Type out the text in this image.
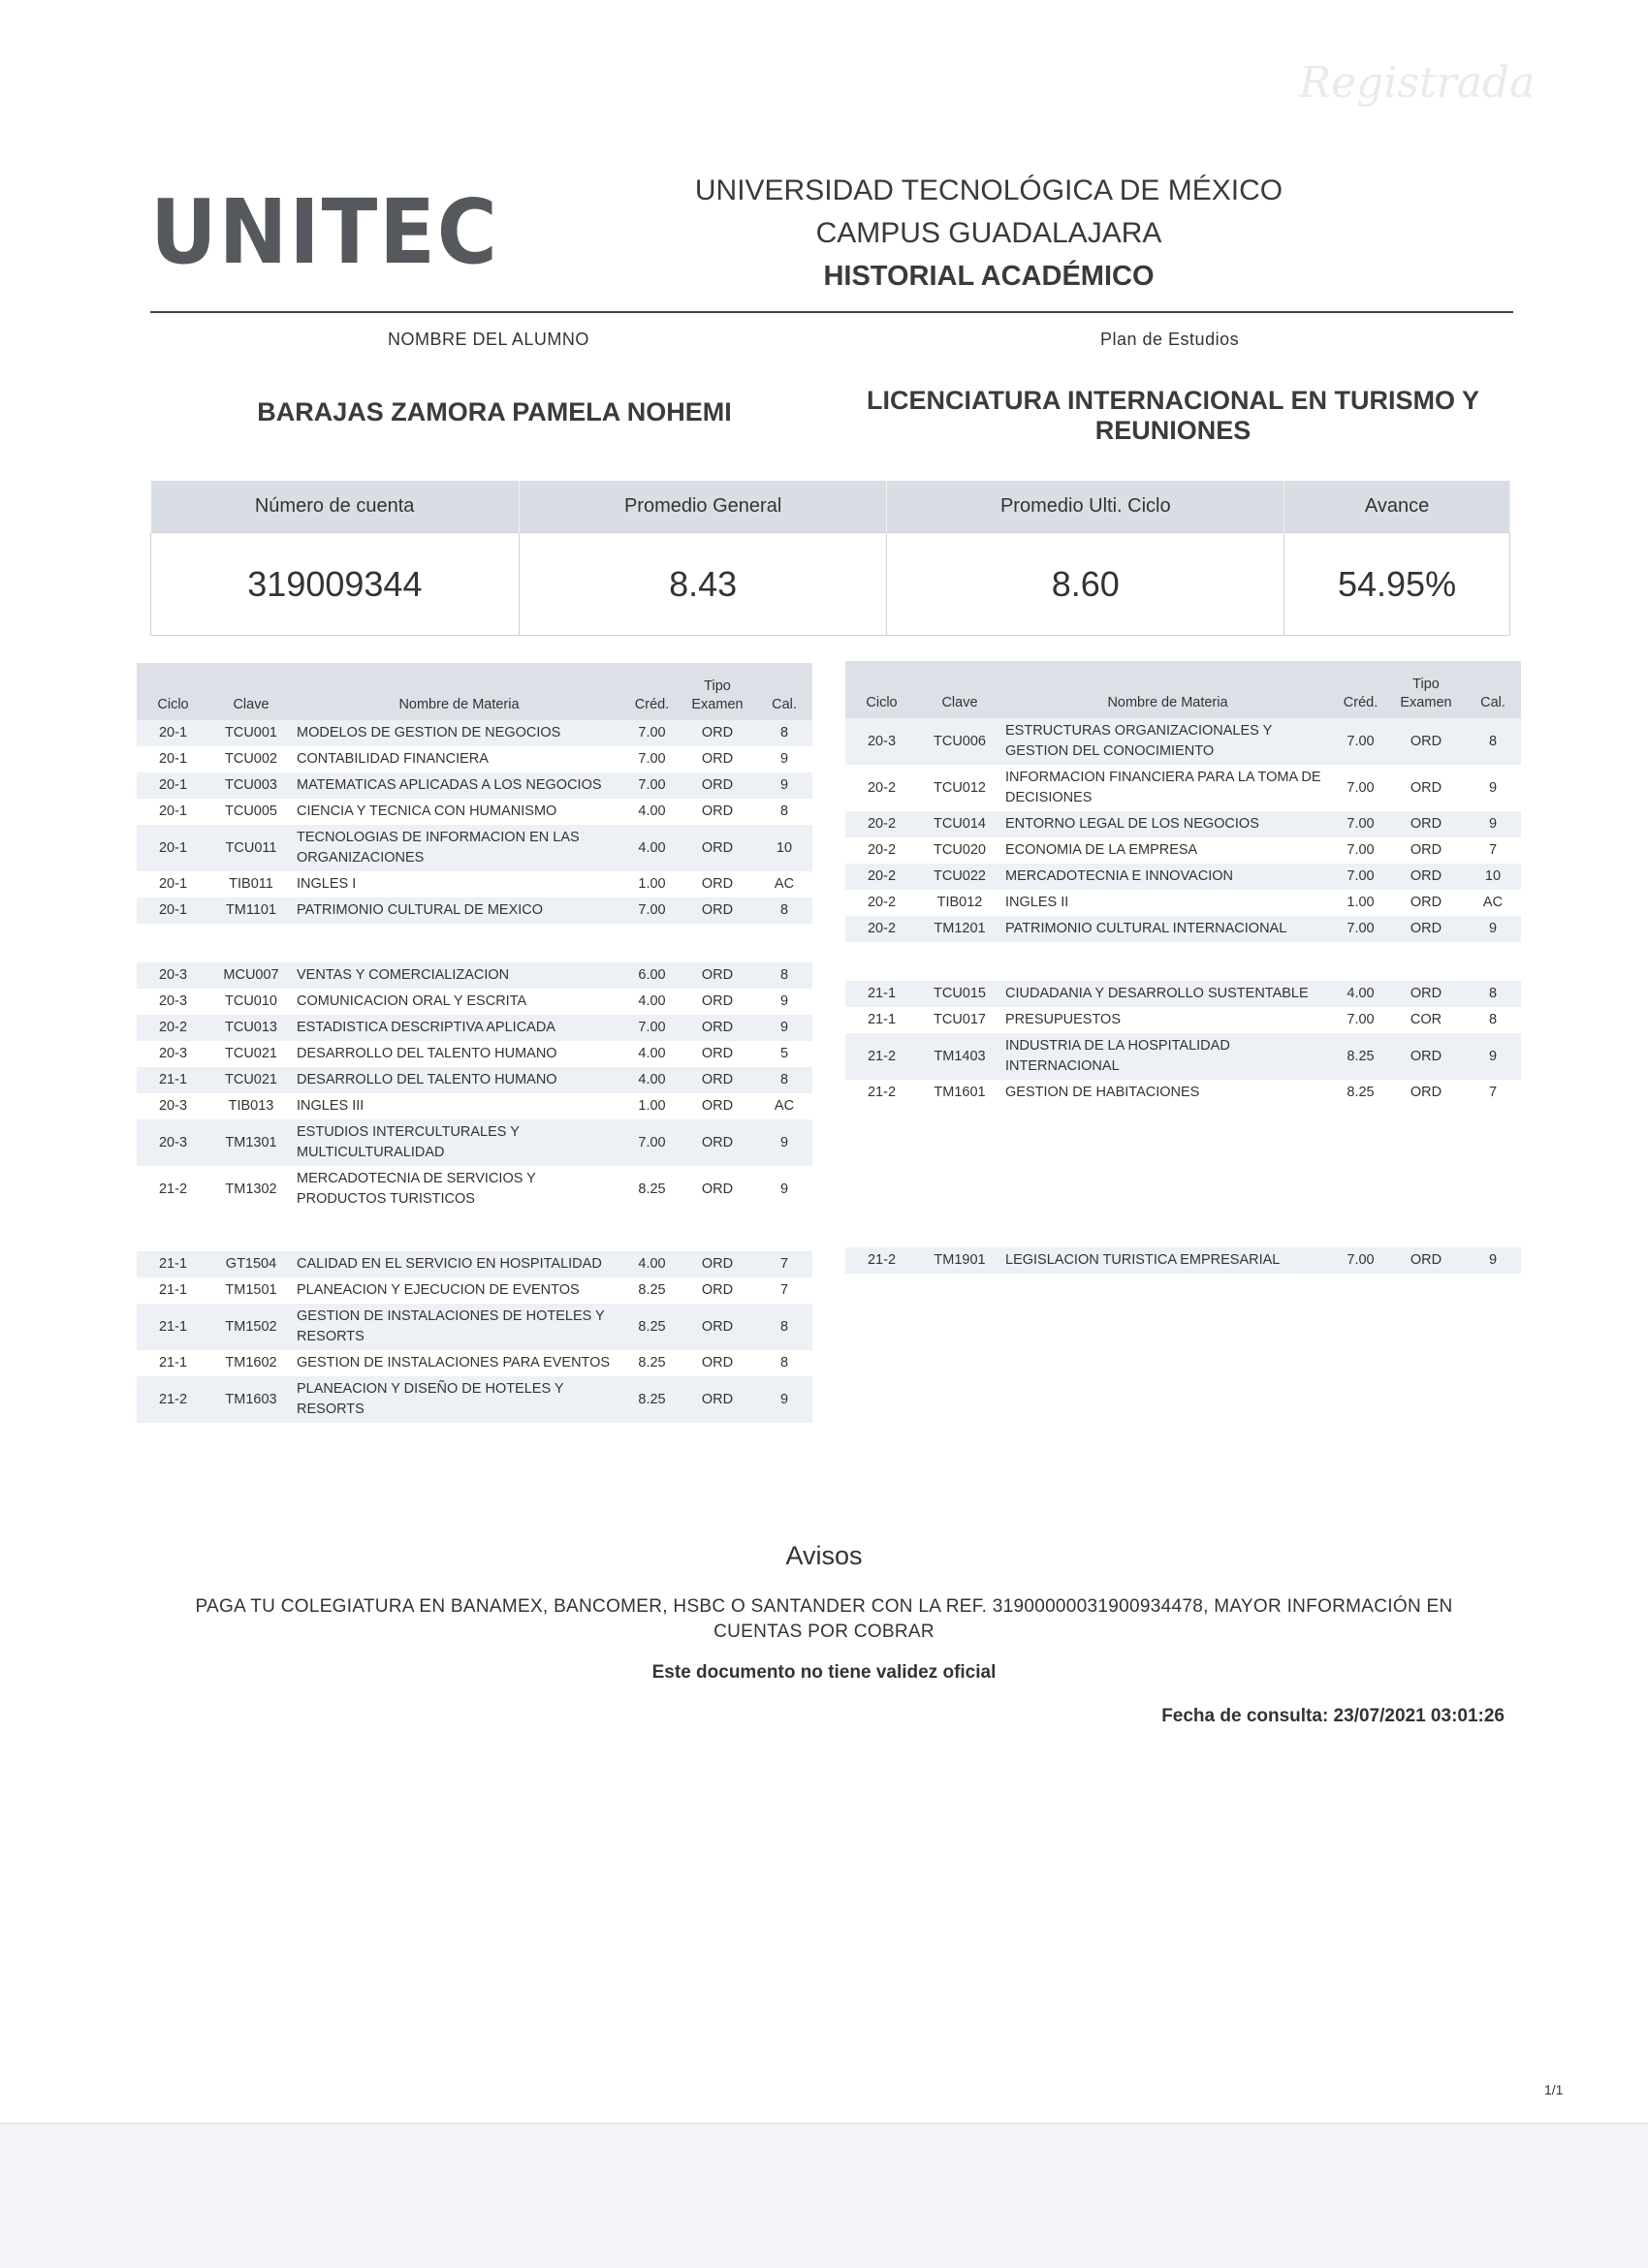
Registrada
UNITEC	UNIVERSIDAD TECNOLÓGICA DE MÉXICO
CAMPUS GUADALAJARA
HISTORIAL ACADÉMICO
NOMBRE DEL ALUMNO	Plan de Estudios
BARAJAS ZAMORA PAMELA NOHEMI	LICENCIATURA INTERNACIONAL EN TURISMO Y REUNIONES
Número de cuenta	Promedio General	Promedio Ulti. Ciclo	Avance
319009344	8.43	8.60	54.95%
Ciclo	Clave	Nombre de Materia	Créd.	Tipo Examen	Cal.
20-1	TCU001	MODELOS DE GESTION DE NEGOCIOS	7.00	ORD	8
20-1	TCU002	CONTABILIDAD FINANCIERA	7.00	ORD	9
20-1	TCU003	MATEMATICAS APLICADAS A LOS NEGOCIOS	7.00	ORD	9
20-1	TCU005	CIENCIA Y TECNICA CON HUMANISMO	4.00	ORD	8
20-1	TCU011	TECNOLOGIAS DE INFORMACION EN LAS ORGANIZACIONES	4.00	ORD	10
20-1	TIB011	INGLES I	1.00	ORD	AC
20-1	TM1101	PATRIMONIO CULTURAL DE MEXICO	7.00	ORD	8

20-3	MCU007	VENTAS Y COMERCIALIZACION	6.00	ORD	8
20-3	TCU010	COMUNICACION ORAL Y ESCRITA	4.00	ORD	9
20-2	TCU013	ESTADISTICA DESCRIPTIVA APLICADA	7.00	ORD	9
20-3	TCU021	DESARROLLO DEL TALENTO HUMANO	4.00	ORD	5
21-1	TCU021	DESARROLLO DEL TALENTO HUMANO	4.00	ORD	8
20-3	TIB013	INGLES III	1.00	ORD	AC
20-3	TM1301	ESTUDIOS INTERCULTURALES Y MULTICULTURALIDAD	7.00	ORD	9
21-2	TM1302	MERCADOTECNIA DE SERVICIOS Y PRODUCTOS TURISTICOS	8.25	ORD	9

21-1	GT1504	CALIDAD EN EL SERVICIO EN HOSPITALIDAD	4.00	ORD	7
21-1	TM1501	PLANEACION Y EJECUCION DE EVENTOS	8.25	ORD	7
21-1	TM1502	GESTION DE INSTALACIONES DE HOTELES Y RESORTS	8.25	ORD	8
21-1	TM1602	GESTION DE INSTALACIONES PARA EVENTOS	8.25	ORD	8
21-2	TM1603	PLANEACION Y DISEÑO DE HOTELES Y RESORTS	8.25	ORD	9
Ciclo	Clave	Nombre de Materia	Créd.	Tipo Examen	Cal.
20-3	TCU006	ESTRUCTURAS ORGANIZACIONALES Y GESTION DEL CONOCIMIENTO	7.00	ORD	8
20-2	TCU012	INFORMACION FINANCIERA PARA LA TOMA DE DECISIONES	7.00	ORD	9
20-2	TCU014	ENTORNO LEGAL DE LOS NEGOCIOS	7.00	ORD	9
20-2	TCU020	ECONOMIA DE LA EMPRESA	7.00	ORD	7
20-2	TCU022	MERCADOTECNIA E INNOVACION	7.00	ORD	10
20-2	TIB012	INGLES II	1.00	ORD	AC
20-2	TM1201	PATRIMONIO CULTURAL INTERNACIONAL	7.00	ORD	9

21-1	TCU015	CIUDADANIA Y DESARROLLO SUSTENTABLE	4.00	ORD	8
21-1	TCU017	PRESUPUESTOS	7.00	COR	8
21-2	TM1403	INDUSTRIA DE LA HOSPITALIDAD INTERNACIONAL	8.25	ORD	9
21-2	TM1601	GESTION DE HABITACIONES	8.25	ORD	7

21-2	TM1901	LEGISLACION TURISTICA EMPRESARIAL	7.00	ORD	9
Avisos
PAGA TU COLEGIATURA EN BANAMEX, BANCOMER, HSBC O SANTANDER CON LA REF. 31900000031900934478, MAYOR INFORMACIÓN EN CUENTAS POR COBRAR
Este documento no tiene validez oficial
Fecha de consulta: 23/07/2021 03:01:26
1/1
